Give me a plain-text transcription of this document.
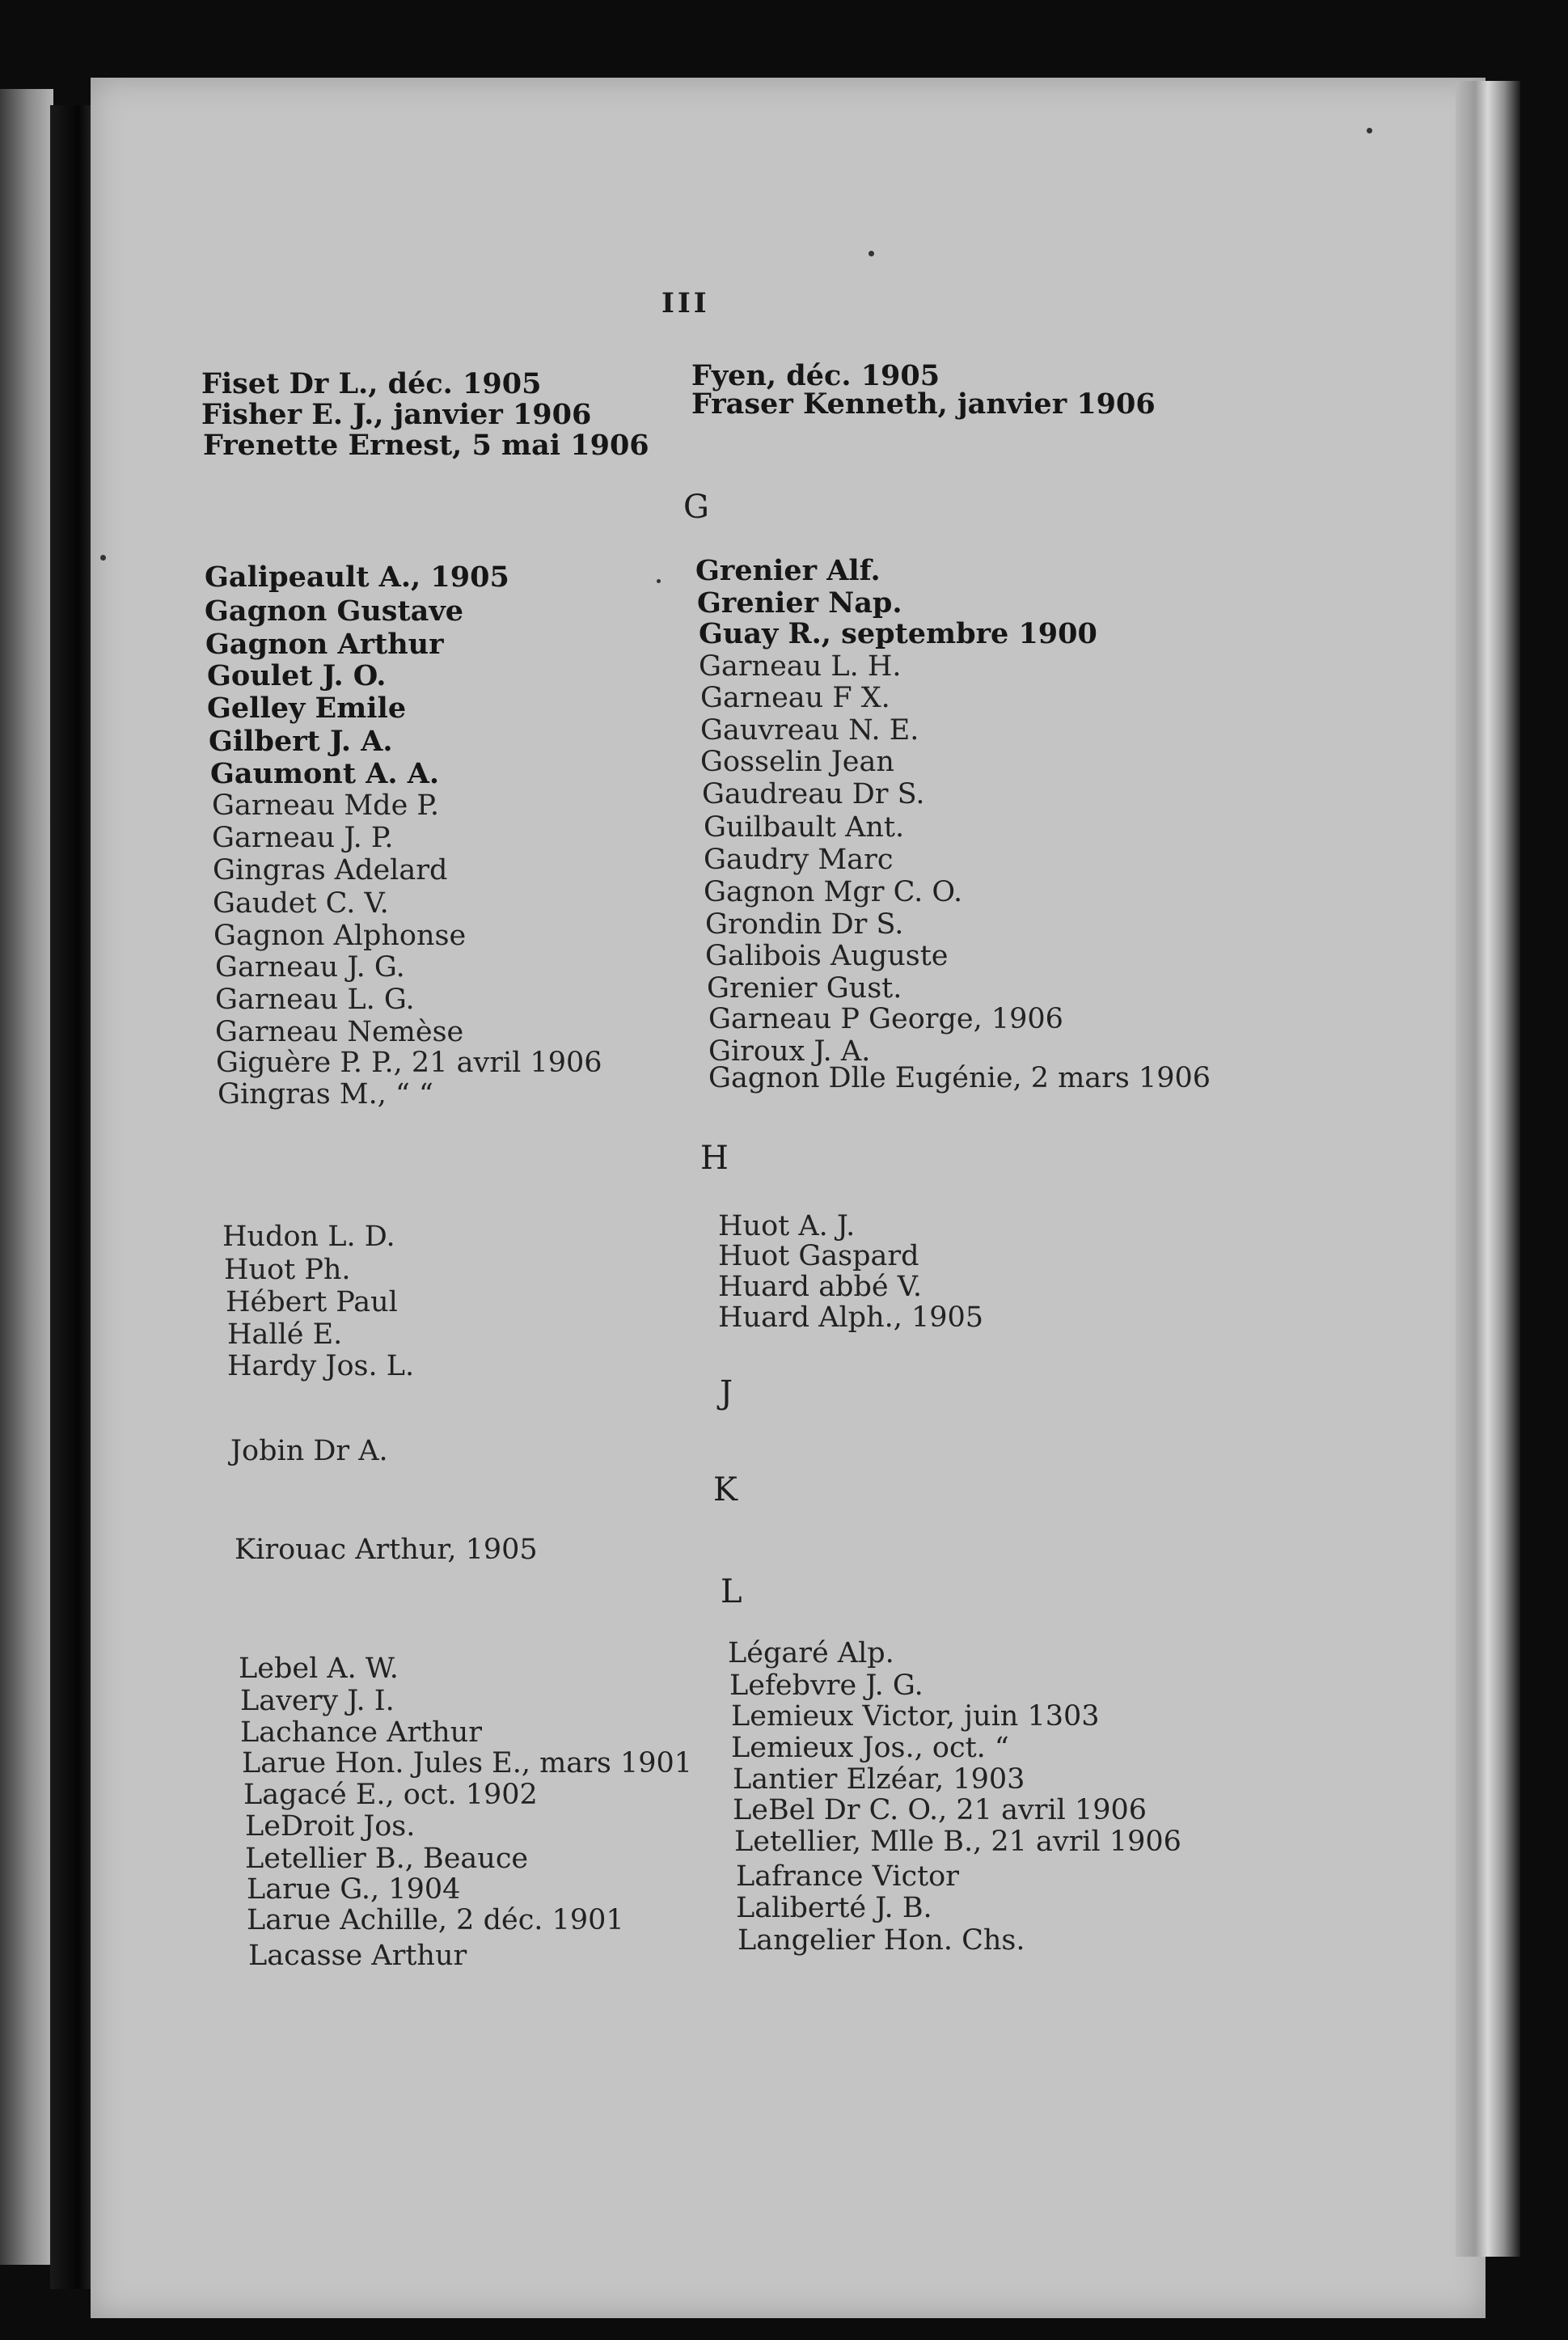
III
Fiset Dr L., déc. 1905
Fisher E. J., janvier 1906
Frenette Ernest, 5 mai 1906
Fyen, déc. 1905
Fraser Kenneth, janvier 1906
G
Galipeault A., 1905
Gagnon Gustave
Gagnon Arthur
Goulet J. O.
Gelley Emile
Gilbert J. A.
Gaumont A. A.
Garneau Mde P.
Garneau J. P.
Gingras Adelard
Gaudet C. V.
Gagnon Alphonse
Garneau J. G.
Garneau L. G.
Garneau Nemèse
Giguère P. P., 21 avril 1906
Gingras M., “ “
Grenier Alf.
Grenier Nap.
Guay R., septembre 1900
Garneau L. H.
Garneau F X.
Gauvreau N. E.
Gosselin Jean
Gaudreau Dr S.
Guilbault Ant.
Gaudry Marc
Gagnon Mgr C. O.
Grondin Dr S.
Galibois Auguste
Grenier Gust.
Garneau P George, 1906
Giroux J. A.
Gagnon Dlle Eugénie, 2 mars 1906
H
Hudon L. D.
Huot Ph.
Hébert Paul
Hallé E.
Hardy Jos. L.
Huot A. J.
Huot Gaspard
Huard abbé V.
Huard Alph., 1905
J
Jobin Dr A.
K
Kirouac Arthur, 1905
L
Lebel A. W.
Lavery J. I.
Lachance Arthur
Larue Hon. Jules E., mars 1901
Lagacé E., oct. 1902
LeDroit Jos.
Letellier B., Beauce
Larue G., 1904
Larue Achille, 2 déc. 1901
Lacasse Arthur
Légaré Alp.
Lefebvre J. G.
Lemieux Victor, juin 1303
Lemieux Jos., oct. “
Lantier Elzéar, 1903
LeBel Dr C. O., 21 avril 1906
Letellier, Mlle B., 21 avril 1906
Lafrance Victor
Laliberté J. B.
Langelier Hon. Chs.
